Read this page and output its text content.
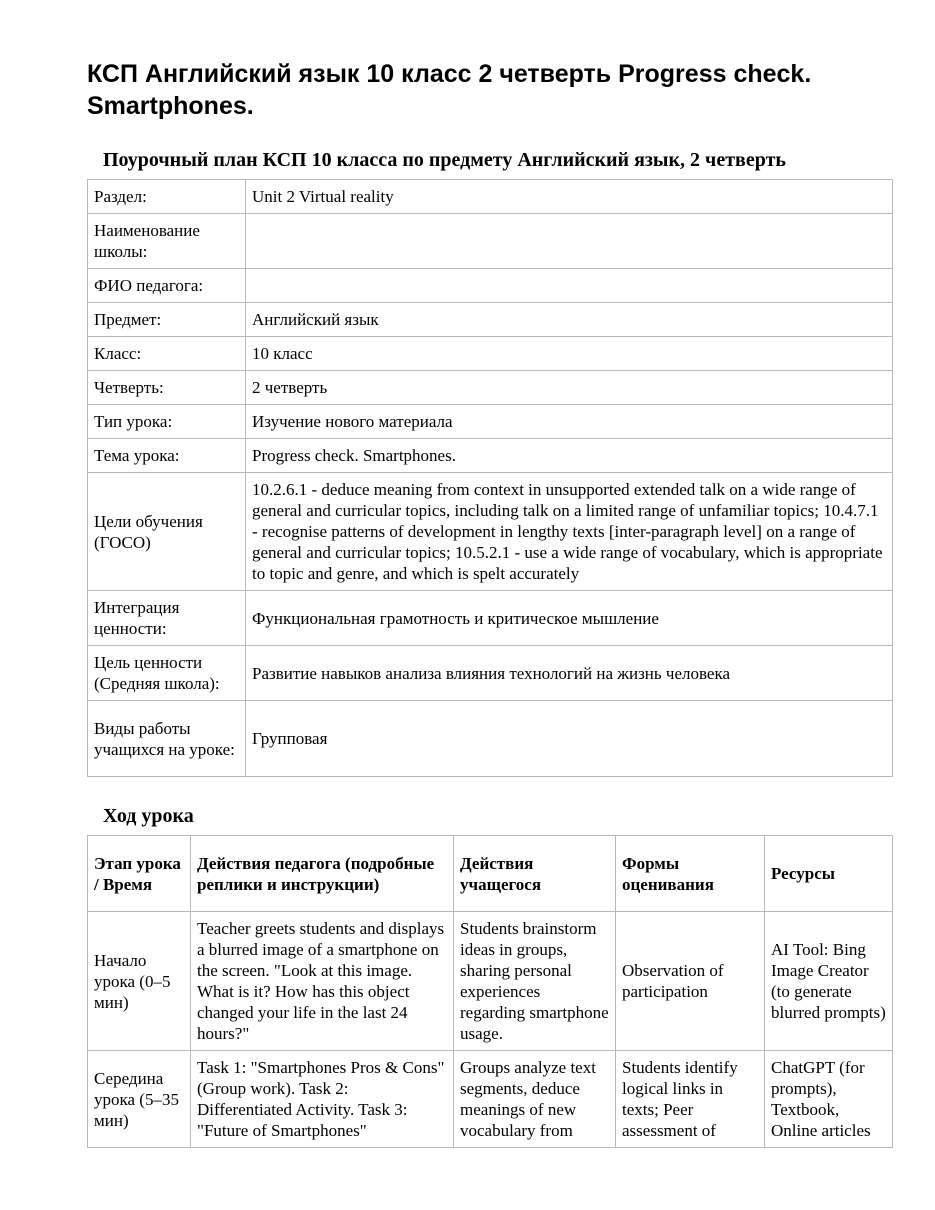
КСП Английский язык 10 класс 2 четверть Progress check. Smartphones.
Поурочный план КСП 10 класса по предмету Английский язык, 2 четверть
Раздел:	Unit 2 Virtual reality
Наименование школы:	
ФИО педагога:	
Предмет:	Английский язык
Класс:	10 класс
Четверть:	2 четверть
Тип урока:	Изучение нового материала
Тема урока:	Progress check. Smartphones.
Цели обучения (ГОСО)	10.2.6.1 - deduce meaning from context in unsupported extended talk on a wide range of general and curricular topics, including talk on a limited range of unfamiliar topics; 10.4.7.1 - recognise patterns of development in lengthy texts [inter-paragraph level] on a range of general and curricular topics; 10.5.2.1 - use a wide range of vocabulary, which is appropriate to topic and genre, and which is spelt accurately
Интеграция ценности:	Функциональная грамотность и критическое мышление
Цель ценности (Средняя школа):	Развитие навыков анализа влияния технологий на жизнь человека
Виды работы учащихся на уроке:	Групповая
Ход урока
Этап урока / Время	Действия педагога (подробные реплики и инструкции)	Действия учащегося	Формы оценивания	Ресурсы
Начало урока (0–5 мин)	Teacher greets students and displays a blurred image of a smartphone on the screen. "Look at this image. What is it? How has this object changed your life in the last 24 hours?"	Students brainstorm ideas in groups, sharing personal experiences regarding smartphone usage.	Observation of participation	AI Tool: Bing Image Creator (to generate blurred prompts)
Середина урока (5–35 мин)	Task 1: "Smartphones Pros & Cons" (Group work). Task 2: Differentiated Activity. Task 3: "Future of Smartphones"	Groups analyze text segments, deduce meanings of new vocabulary from	Students identify logical links in texts; Peer assessment of	ChatGPT (for prompts), Textbook, Online articles
